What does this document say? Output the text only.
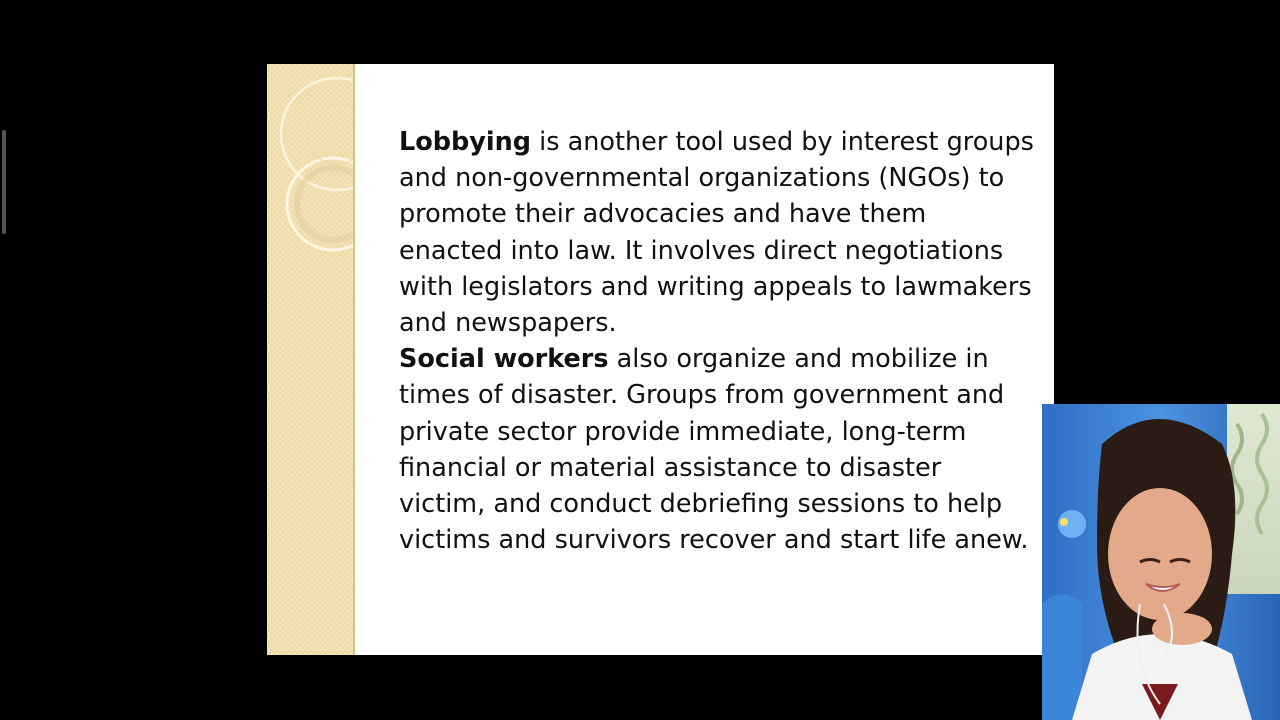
Lobbying is another tool used by interest groups and non-governmental organizations (NGOs) to promote their advocacies and have them enacted into law. It involves direct negotiations with legislators and writing appeals to lawmakers and newspapers.
Social workers also organize and mobilize in times of disaster. Groups from government and private sector provide immediate, long-term financial or material assistance to disaster victim, and conduct debriefing sessions to help victims and survivors recover and start life anew.
